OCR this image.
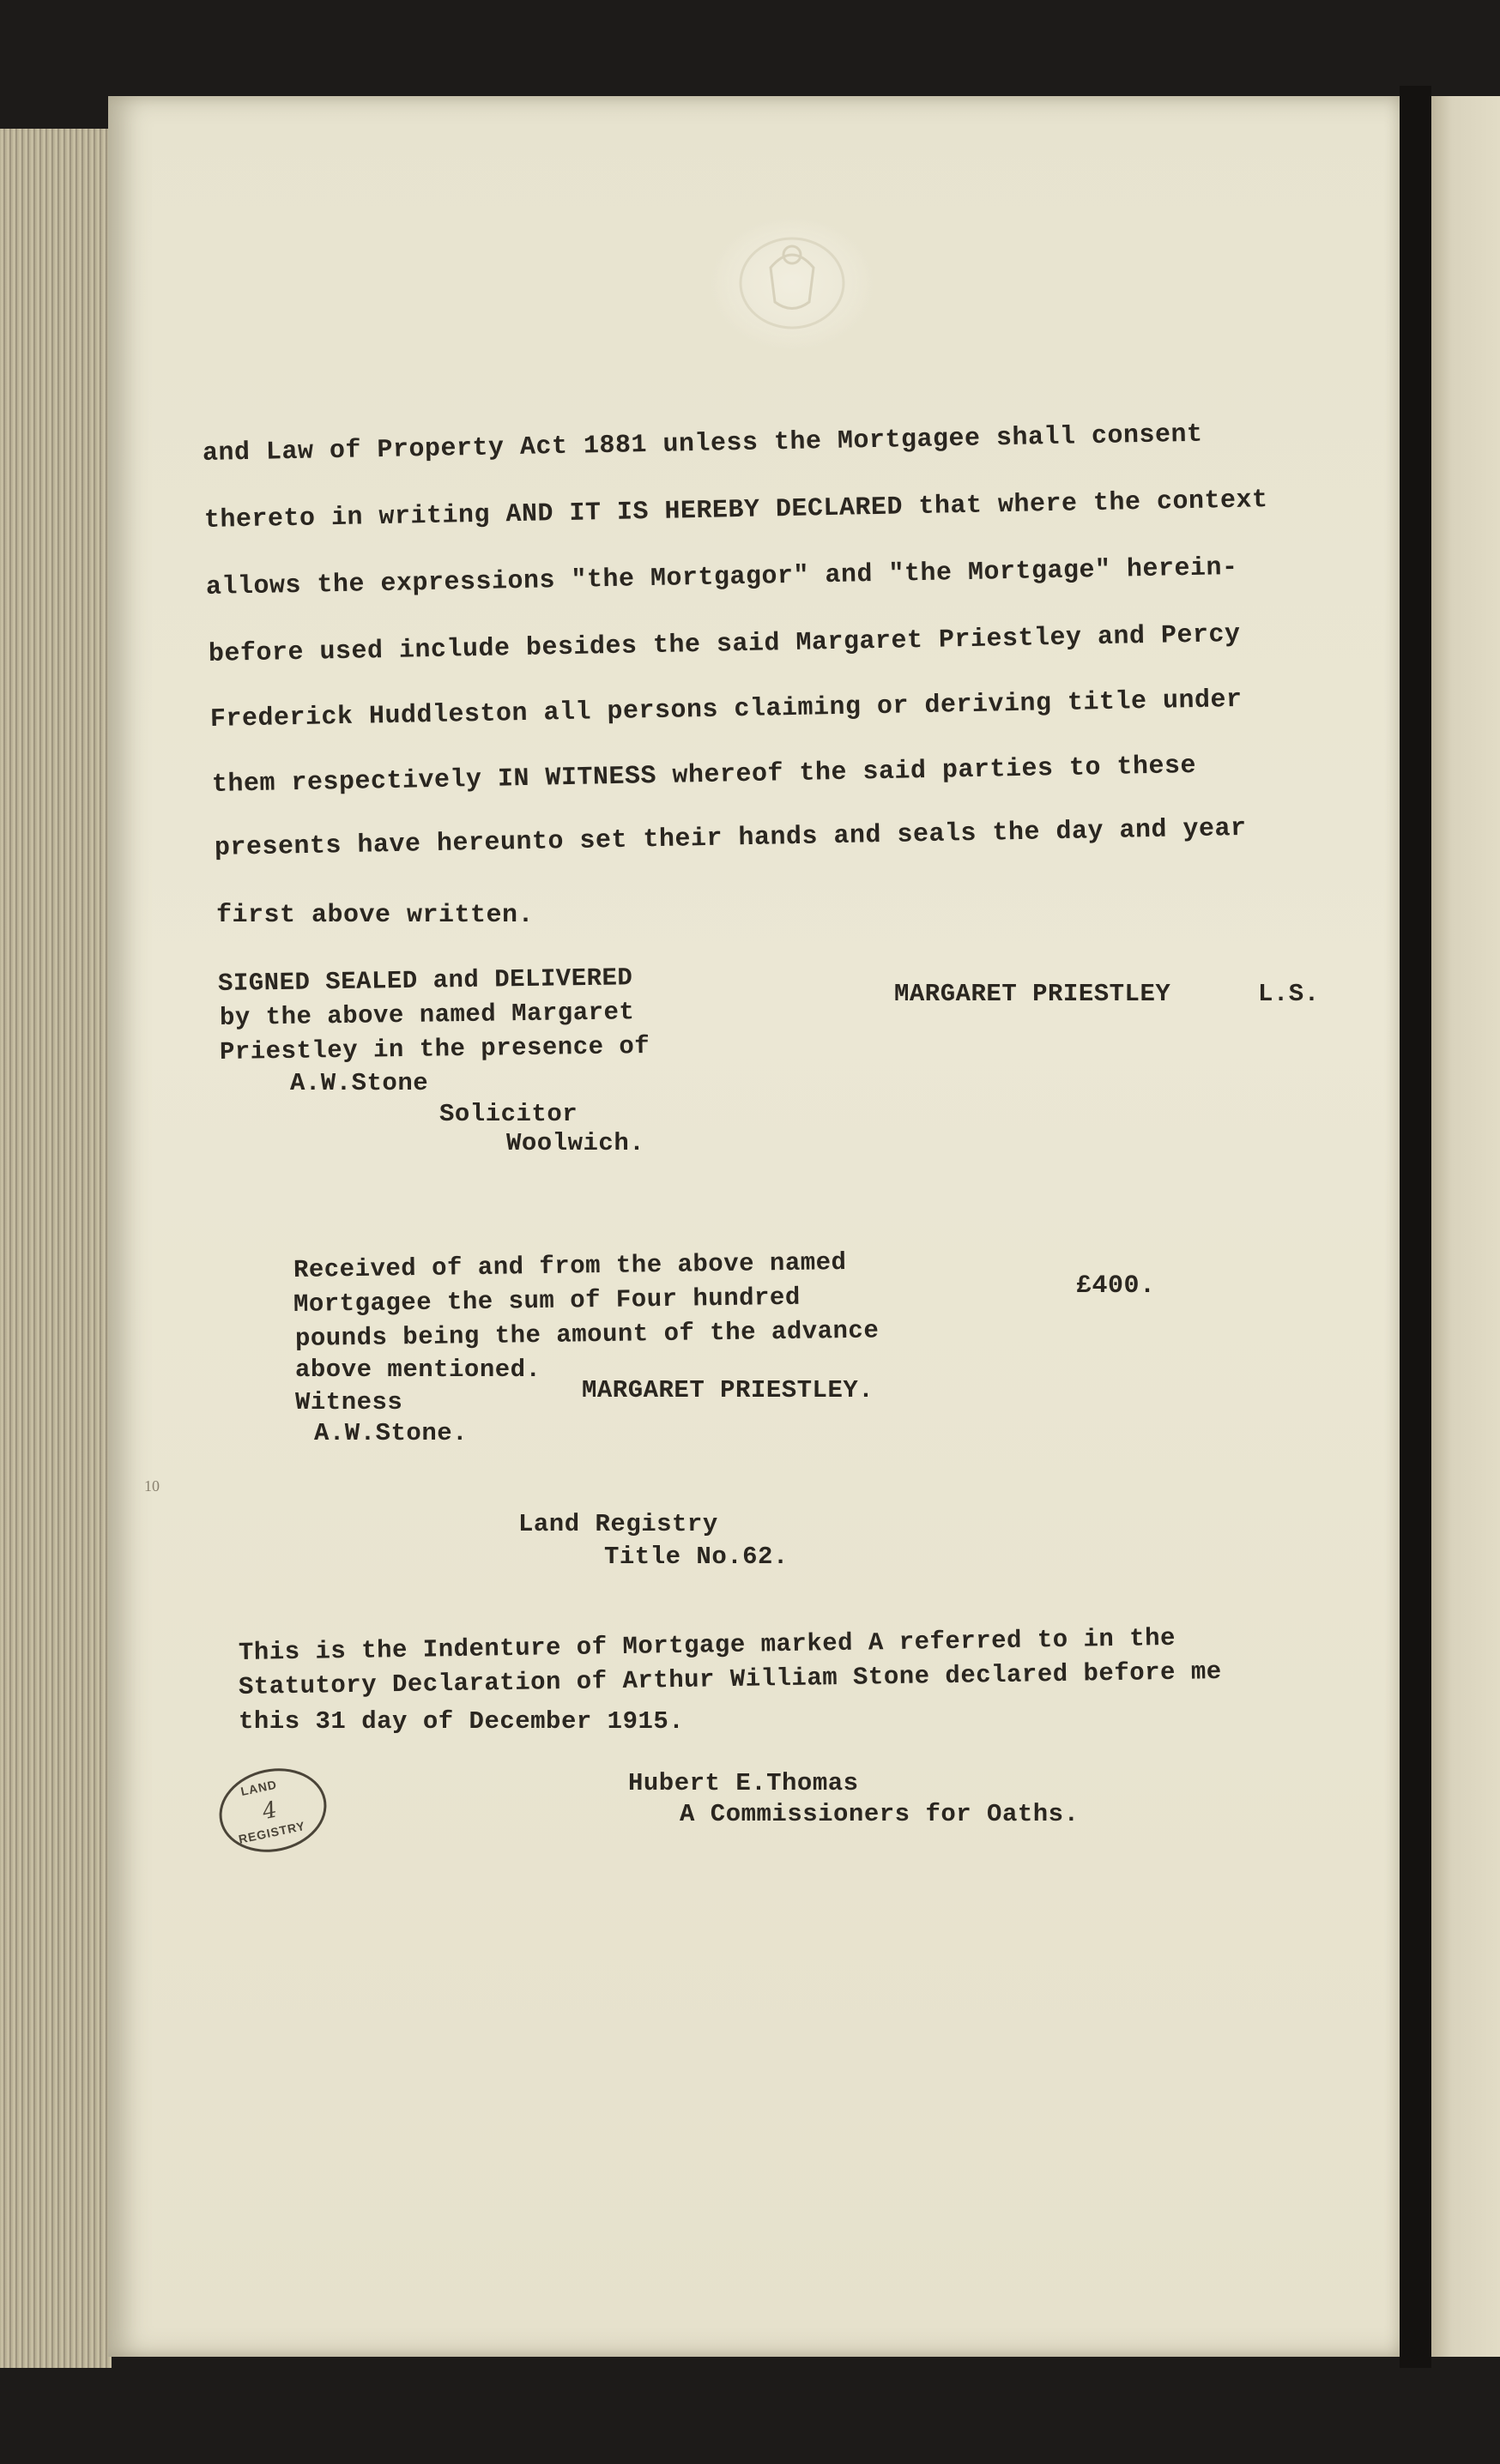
10
and Law of Property Act 1881 unless the Mortgagee shall consent
thereto in writing AND IT IS HEREBY DECLARED that where the context
allows the expressions "the Mortgagor" and "the Mortgage" herein-
before used include besides the said Margaret Priestley and Percy
Frederick Huddleston all persons claiming or deriving title under
them respectively IN WITNESS whereof the said parties to these
presents have hereunto set their hands and seals the day and year
first above written.
SIGNED SEALED and DELIVERED
by the above named Margaret
Priestley in the presence of
A.W.Stone
Solicitor
Woolwich.
MARGARET PRIESTLEY	L.S.
Received of and from the above named
Mortgagee the sum of Four hundred
pounds being the amount of the advance
above mentioned.
Witness
A.W.Stone.
MARGARET PRIESTLEY.
£400.
Land Registry
Title No.62.
This is the Indenture of Mortgage marked A referred to in the
Statutory Declaration of Arthur William Stone declared before me
this 31 day of December 1915.
Hubert E.Thomas
A Commissioners for Oaths.
LAND
4
REGISTRY
